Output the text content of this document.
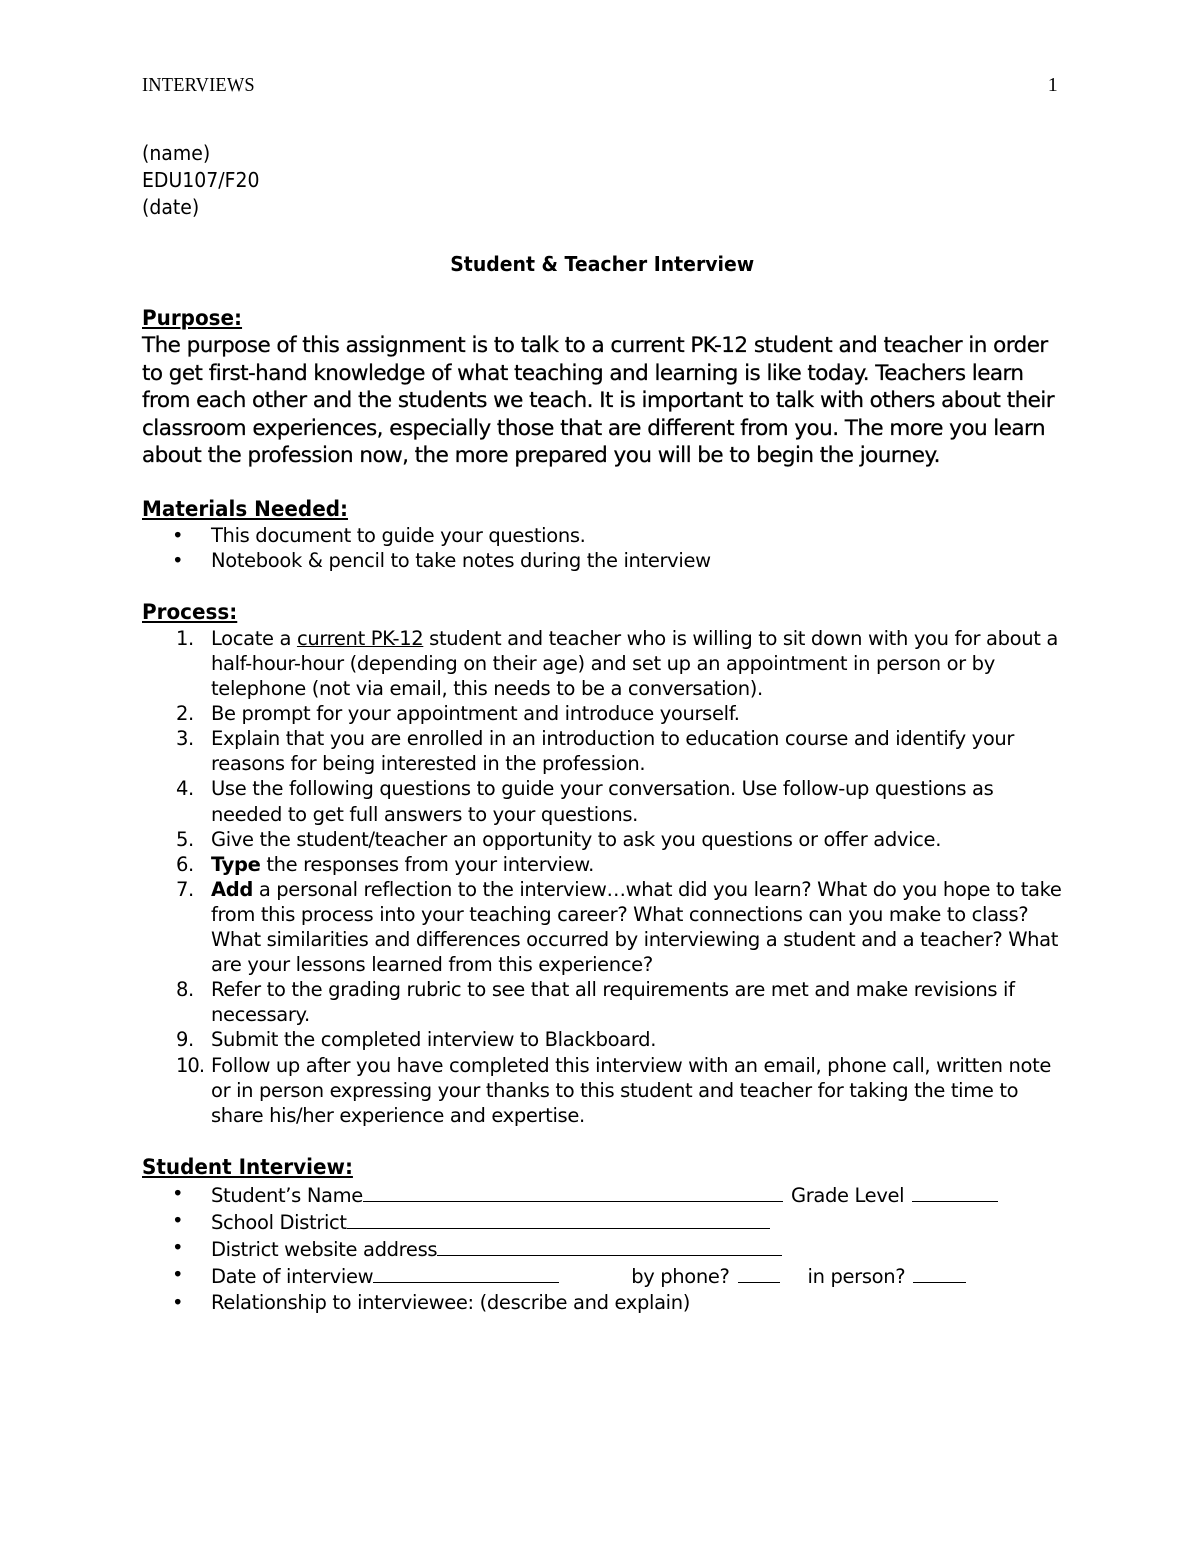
INTERVIEWS	1
(name)
EDU107/F20
(date)
Student & Teacher Interview
Purpose:
The purpose of this assignment is to talk to a current PK-12 student and teacher in order to get first-hand knowledge of what teaching and learning is like today. Teachers learn from each other and the students we teach. It is important to talk with others about their classroom experiences, especially those that are different from you. The more you learn about the profession now, the more prepared you will be to begin the journey.
Materials Needed:
• This document to guide your questions.
• Notebook & pencil to take notes during the interview
Process:
1. Locate a current PK-12 student and teacher who is willing to sit down with you for about a half-hour-hour (depending on their age) and set up an appointment in person or by telephone (not via email, this needs to be a conversation).
2. Be prompt for your appointment and introduce yourself.
3. Explain that you are enrolled in an introduction to education course and identify your reasons for being interested in the profession.
4. Use the following questions to guide your conversation. Use follow-up questions as needed to get full answers to your questions.
5. Give the student/teacher an opportunity to ask you questions or offer advice.
6. Type the responses from your interview.
7. Add a personal reflection to the interview…what did you learn? What do you hope to take from this process into your teaching career? What connections can you make to class? What similarities and differences occurred by interviewing a student and a teacher? What are your lessons learned from this experience?
8. Refer to the grading rubric to see that all requirements are met and make revisions if necessary.
9. Submit the completed interview to Blackboard.
10. Follow up after you have completed this interview with an email, phone call, written note or in person expressing your thanks to this student and teacher for taking the time to share his/her experience and expertise.
Student Interview:
• Student’s Name	Grade Level
• School District
• District website address
• Date of interview	by phone?	in person?
• Relationship to interviewee: (describe and explain)
